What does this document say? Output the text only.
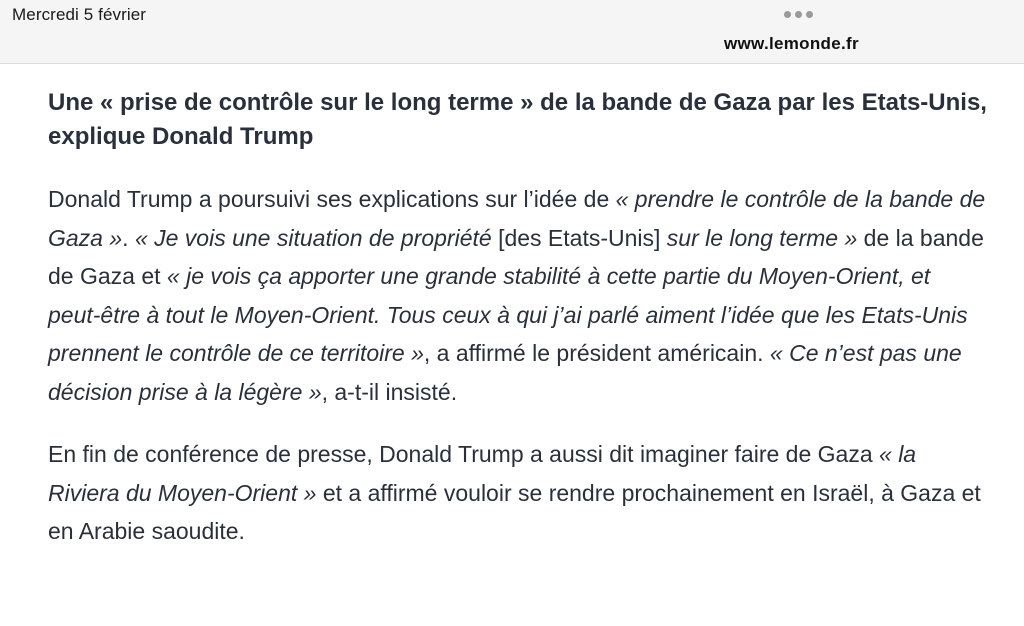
Mercredi 5 février
www.lemonde.fr
Une « prise de contrôle sur le long terme » de la bande de Gaza par les Etats-Unis, explique Donald Trump

Donald Trump a poursuivi ses explications sur l’idée de « prendre le contrôle de la bande de Gaza ». « Je vois une situation de propriété [des Etats-Unis] sur le long terme » de la bande de Gaza et « je vois ça apporter une grande stabilité à cette partie du Moyen-Orient, et peut-être à tout le Moyen-Orient. Tous ceux à qui j’ai parlé aiment l’idée que les Etats-Unis prennent le contrôle de ce territoire », a affirmé le président américain. « Ce n’est pas une décision prise à la légère », a-t-il insisté.

En fin de conférence de presse, Donald Trump a aussi dit imaginer faire de Gaza « la Riviera du Moyen-Orient » et a affirmé vouloir se rendre prochainement en Israël, à Gaza et en Arabie saoudite.
